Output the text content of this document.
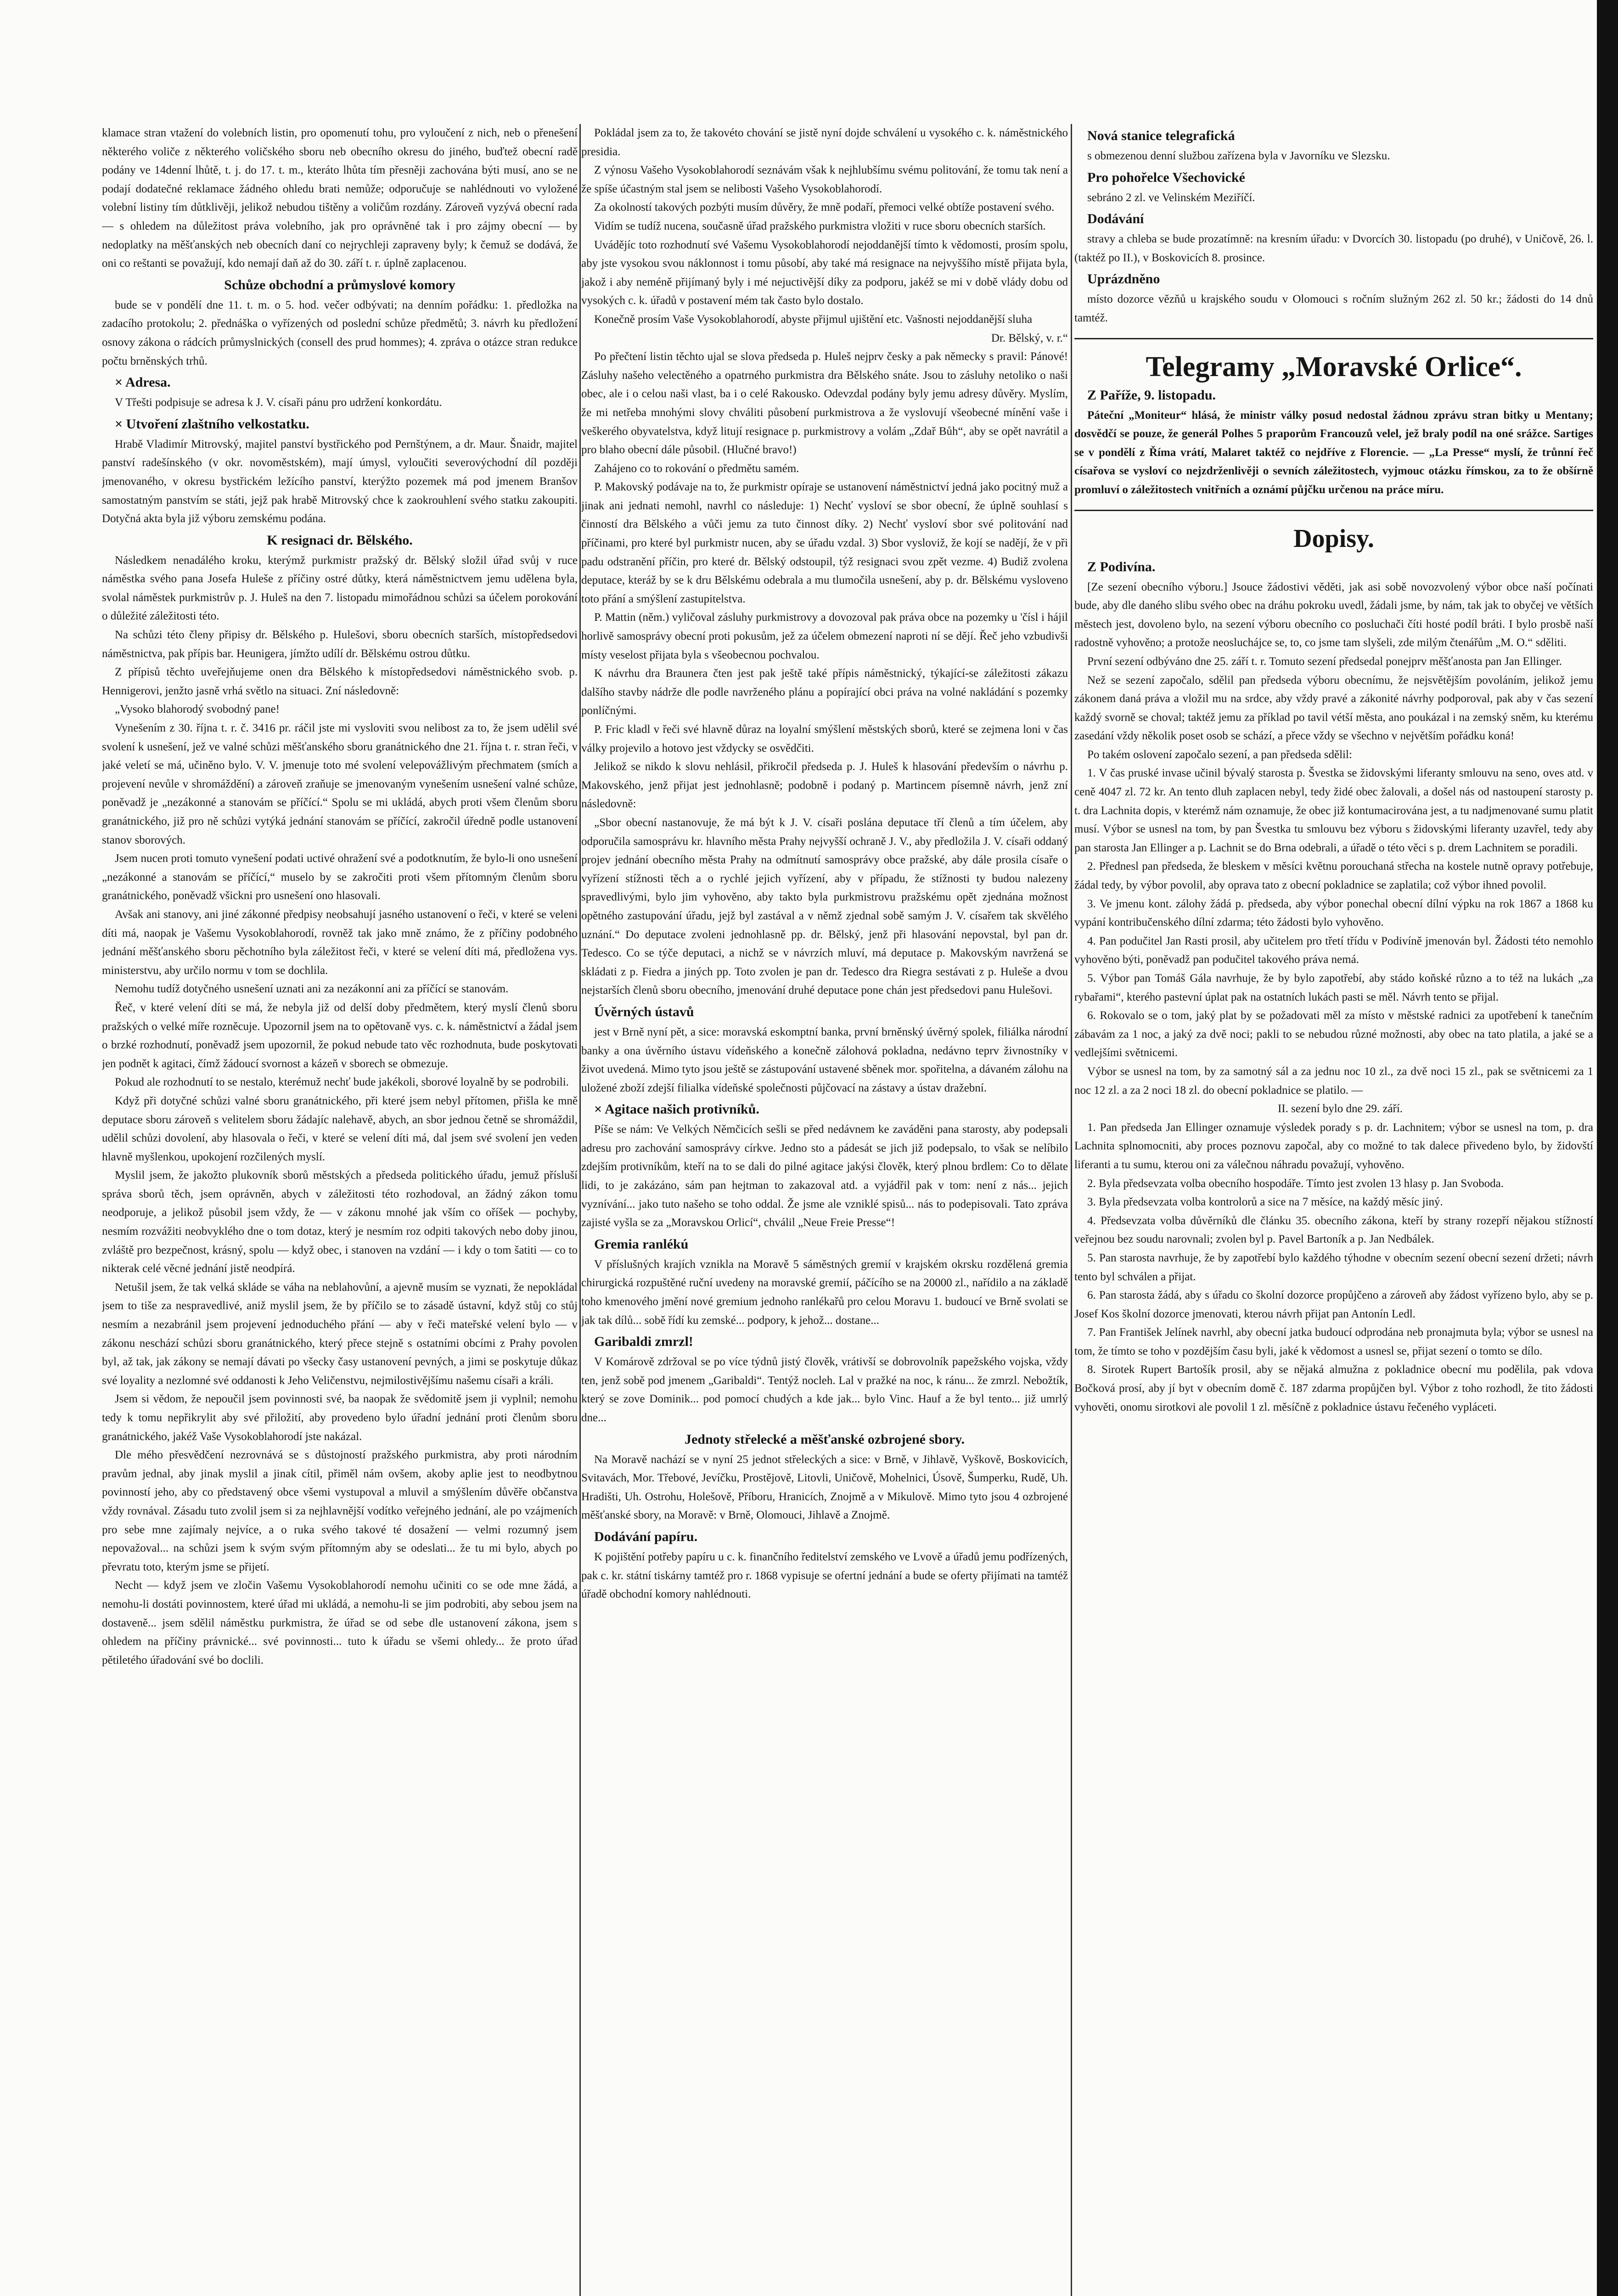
klamace stran vtažení do volebních listin, pro opomenutí tohu, pro vyloučení z nich, neb o přenešení některého voliče z některého voličského sboru neb obecního okresu do jiného, buďtež obecní radě podány ve 14denní lhůtě, t. j. do 17. t. m., kteráto lhůta tím přesněji zachována býti musí, ano se ne podají dodatečné reklamace žádného ohledu brati nemůže; odporučuje se nahlédnouti vo vyložené volební listiny tím důtklivěji, jelikož nebudou tištěny a voličům rozdány. Zároveň vyzývá obecní rada — s ohledem na důležitost práva volebního, jak pro oprávněné tak i pro zájmy obecní — by nedoplatky na měšťanských neb obecních daní co nejrychleji zapraveny byly; k čemuž se dodává, že oni co reštanti se považují, kdo nemají daň až do 30. září t. r. úplně zaplacenou.

Schůze obchodní a průmyslové komory

bude se v pondělí dne 11. t. m. o 5. hod. večer odbývati; na denním pořádku: 1. předložka na zadacího protokolu; 2. přednáška o vyřízených od poslední schůze předmětů; 3. návrh ku předložení osnovy zákona o rádcích průmyslnických (consell des prud hommes); 4. zpráva o otázce stran redukce počtu brněnských trhů.

× Adresa.

V Třešti podpisuje se adresa k J. V. císaři pánu pro udržení konkordátu.

× Utvoření zlaštního velkostatku.

Hrabě Vladimír Mitrovský, majitel panství bystřického pod Pernštýnem, a dr. Maur. Šnaidr, majitel panství radešínského (v okr. novoměstském), mají úmysl, vyloučiti severovýchodní díl později jmenovaného, v okresu bystřickém ležícího panství, kterýžto pozemek má pod jmenem Branšov samostatným panstvím se státi, jejž pak hrabě Mitrovský chce k zaokrouhlení svého statku zakoupiti. Dotyčná akta byla již výboru zemskému podána.

K resignaci dr. Bělského.

Následkem nenadálého kroku, kterýmž purkmistr pražský dr. Bělský složil úřad svůj v ruce náměstka svého pana Josefa Huleše z příčiny ostré důtky, která náměstnictvem jemu udělena byla, svolal náměstek purkmistrův p. J. Huleš na den 7. listopadu mimořádnou schůzi sa účelem porokování o důležité záležitosti této.

Na schůzi této členy připisy dr. Bělského p. Hulešovi, sboru obecních starších, místopředsedovi náměstnictva, pak přípis bar. Heunigera, jímžto udílí dr. Bělskému ostrou důtku.

Z přípisů těchto uveřejňujeme onen dra Bělského k místopředsedovi náměstnického svob. p. Hennigerovi, jenžto jasně vrhá světlo na situaci. Zní následovně:

„Vysoko blahorodý svobodný pane!

Vynešením z 30. října t. r. č. 3416 pr. ráčil jste mi vysloviti svou nelibost za to, že jsem udělil své svolení k usnešení, jež ve valné schůzi měšťanského sboru granátnického dne 21. října t. r. stran řeči, v jaké veletí se má, učiněno bylo. V. V. jmenuje toto mé svolení velepovážlivým přechmatem (smích a projevení nevůle v shromáždění) a zároveň zraňuje se jmenovaným vynešením usnešení valné schůze, poněvadž je „nezákonné a stanovám se příčící.“ Spolu se mi ukládá, abych proti všem členům sboru granátnického, již pro ně schůzi vytýká jednání stanovám se příčící, zakročil úředně podle ustanovení stanov sborových.

Jsem nucen proti tomuto vynešení podati uctivé ohražení své a podotknutím, že bylo-li ono usnešení „nezákonné a stanovám se příčící,“ muselo by se zakročiti proti všem přítomným členům sboru granátnického, poněvadž všickni pro usnešení ono hlasovali.

Avšak ani stanovy, ani jiné zákonné předpisy neobsahují jasného ustanovení o řeči, v které se veleni díti má, naopak je Vašemu Vysokoblahorodí, rovněž tak jako mně známo, že z příčiny podobného jednání měšťanského sboru pěchotního byla záležitost řeči, v které se velení díti má, předložena vys. ministerstvu, aby určilo normu v tom se dochlila.

Nemohu tudíž dotyčného usnešení uznati ani za nezákonní ani za příčící se stanovám.

Řeč, v které velení díti se má, že nebyla již od delší doby předmětem, který myslí členů sboru pražských o velké míře rozněcuje. Upozornil jsem na to opětovaně vys. c. k. náměstnictví a žádal jsem o brzké rozhodnutí, poněvadž jsem upozornil, že pokud nebude tato věc rozhodnuta, bude poskytovati jen podnět k agitaci, čímž žádoucí svornost a kázeň v sborech se obmezuje.

Pokud ale rozhodnutí to se nestalo, kterémuž nechť bude jakékoli, sborové loyalně by se podrobili.

Když při dotyčné schůzi valné sboru granátnického, při které jsem nebyl přítomen, přišla ke mně deputace sboru zároveň s velitelem sboru žádajíc nalehavě, abych, an sbor jednou četně se shromáždil, udělil schůzi dovolení, aby hlasovala o řeči, v které se velení díti má, dal jsem své svolení jen veden hlavně myšlenkou, upokojení rozčilených myslí.

Myslil jsem, že jakožto plukovník sborů městských a předseda politického úřadu, jemuž přísluší správa sborů těch, jsem oprávněn, abych v záležitosti této rozhodoval, an žádný zákon tomu neodporuje, a jelikož působil jsem vždy, že — v zákonu mnohé jak vším co oříšek — pochyby, nesmím rozvážiti neobvyklého dne o tom dotaz, který je nesmím roz odpiti takových nebo doby jinou, zvláště pro bezpečnost, krásný, spolu — když obec, i stanoven na vzdání — i kdy o tom šatiti — co to nikterak celé věcné jednání jistě neodpírá.

Netušil jsem, že tak velká skláde se váha na neblahovůní, a ajevně musím se vyznati, že nepokládal jsem to tiše za nespravedlivé, aniž myslil jsem, že by příčilo se to zásadě ústavní, když stůj co stůj nesmím a nezabránil jsem projevení jednoduchého přání — aby v řeči mateřské velení bylo — v zákonu neschází schůzi sboru granátnického, který přece stejně s ostatními obcími z Prahy povolen byl, až tak, jak zákony se nemají dávati po všecky časy ustanovení pevných, a jimi se poskytuje důkaz své loyality a nezlomné své oddanosti k Jeho Veličenstvu, nejmilostivějšímu našemu císaři a králi.

Jsem si vědom, že nepoučil jsem povinnosti své, ba naopak že svědomitě jsem ji vyplnil; nemohu tedy k tomu nepřikrylit aby své přiložití, aby provedeno bylo úřadní jednání proti členům sboru granátnického, jakéž Vaše Vysokoblahorodí jste nakázal.

Dle mého přesvědčení nezrovnává se s důstojností pražského purkmistra, aby proti národním pravům jednal, aby jinak myslil a jinak cítil, přiměl nám ovšem, akoby aplie jest to neodbytnou povinností jeho, aby co představený obce všemi vystupoval a mluvil a smýšlením důvěře občanstva vždy rovnával. Zásadu tuto zvolil jsem si za nejhlavnější vodítko veřejného jednání, ale po vzájmeních pro sebe mne zajímaly nejvíce, a o ruka svého takové té dosažení — velmi rozumný jsem nepovažoval... na schůzi jsem k svým svým přítomným aby se odeslati... že tu mi bylo, abych po převratu toto, kterým jsme se přijetí.

Necht — když jsem ve zločin Vašemu Vysokoblahorodí nemohu učiniti co se ode mne žádá, a nemohu-li dostáti povinnostem, které úřad mi ukládá, a nemohu-li se jim podrobiti, aby sebou jsem na dostaveně... jsem sdělil náměstku purkmistra, že úřad se od sebe dle ustanovení zákona, jsem s ohledem na příčiny právnické... své povinnosti... tuto k úřadu se všemi ohledy... že proto úřad pětiletého úřadování své bo doclili.

Pokládal jsem za to, že takovéto chování se jistě nyní dojde schválení u vysokého c. k. náměstnického presidia.

Z výnosu Vašeho Vysokoblahorodí seznávám však k nejhlubšímu svému politování, že tomu tak není a že spíše účastným stal jsem se nelibosti Vašeho Vysokoblahorodí.

Za okolností takových pozbýti musím důvěry, že mně podaří, přemoci velké obtíže postavení svého.

Vidím se tudíž nucena, současně úřad pražského purkmistra vložiti v ruce sboru obecních starších.

Uvádějíc toto rozhodnutí své Vašemu Vysokoblahorodí nejoddanější tímto k vědomosti, prosím spolu, aby jste vysokou svou náklonnost i tomu působí, aby také má resignace na nejvyššího místě přijata byla, jakož i aby neméně přijímaný byly i mé nejuctivější díky za podporu, jakéž se mi v době vlády dobu od vysokých c. k. úřadů v postavení mém tak často bylo dostalo.

Konečně prosím Vaše Vysokoblahorodí, abyste přijmul ujištění etc. Vašnosti nejoddanější sluha

Dr. Bělský, v. r.“

Po přečtení listin těchto ujal se slova předseda p. Huleš nejprv česky a pak německy s pravil: Pánové! Zásluhy našeho velectěného a opatrného purkmistra dra Bělského snáte. Jsou to zásluhy netoliko o naši obec, ale i o celou naši vlast, ba i o celé Rakousko. Odevzdal podány byly jemu adresy důvěry. Myslím, že mi netřeba mnohými slovy chváliti působení purkmistrova a že vyslovují všeobecné mínění vaše i veškerého obyvatelstva, když litují resignace p. purkmistrovy a volám „Zdař Bůh“, aby se opět navrátil a pro blaho obecní dále působil. (Hlučné bravo!)

Zahájeno co to rokování o předmětu samém.

P. Makovský podávaje na to, že purkmistr opíraje se ustanovení náměstnictví jedná jako pocitný muž a jinak ani jednati nemohl, navrhl co následuje: 1) Nechť vysloví se sbor obecní, že úplně souhlasí s činností dra Bělského a vůči jemu za tuto činnost díky. 2) Nechť vysloví sbor své politování nad příčinami, pro které byl purkmistr nucen, aby se úřadu vzdal. 3) Sbor vysloviž, že kojí se nadějí, že v při padu odstranění příčin, pro které dr. Bělský odstoupil, týž resignaci svou zpět vezme. 4) Budiž zvolena deputace, kteráž by se k dru Bělskému odebrala a mu tlumočila usnešení, aby p. dr. Bělskému vysloveno toto přání a smýšlení zastupitelstva.

P. Mattin (něm.) vyličoval zásluhy purkmistrovy a dovozoval pak práva obce na pozemky u 'čísl i hájil horlivě samosprávy obecní proti pokusům, jež za účelem obmezení naproti ní se dějí. Řeč jeho vzbudivši místy veselost přijata byla s všeobecnou pochvalou.

K návrhu dra Braunera čten jest pak ještě také přípis náměstnický, týkající-se záležitosti zákazu dalšího stavby nádrže dle podle navrženého plánu a popírající obci práva na volné nakládání s pozemky ponlíčnými.

P. Fric kladl v řeči své hlavně důraz na loyalní smýšlení městských sborů, které se zejmena loni v čas války projevilo a hotovo jest vždycky se osvědčiti.

Jelikož se nikdo k slovu nehlásil, přikročil předseda p. J. Huleš k hlasování především o návrhu p. Makovského, jenž přijat jest jednohlasně; podobně i podaný p. Martincem písemně návrh, jenž zní následovně:

„Sbor obecní nastanovuje, že má být k J. V. císaři poslána deputace tří členů a tím účelem, aby odporučila samosprávu kr. hlavního města Prahy nejvyšší ochraně J. V., aby předložila J. V. císaři oddaný projev jednání obecního města Prahy na odmítnutí samosprávy obce pražské, aby dále prosila císaře o vyřízení stížnosti těch a o rychlé jejich vyřízení, aby v případu, že stížnosti ty budou nalezeny spravedlivými, bylo jim vyhověno, aby takto byla purkmistrovu pražskému opět zjednána možnost opětného zastupování úřadu, jejž byl zastával a v němž zjednal sobě samým J. V. císařem tak skvělého uznání.“ Do deputace zvoleni jednohlasně pp. dr. Bělský, jenž při hlasování nepovstal, byl pan dr. Tedesco. Co se týče deputaci, a nichž se v návrzích mluví, má deputace p. Makovským navržená se skládati z p. Fiedra a jiných pp. Toto zvolen je pan dr. Tedesco dra Riegra sestávati z p. Huleše a dvou nejstarších členů sboru obecního, jmenování druhé deputace pone chán jest předsedovi panu Hulešovi.

Úvěrných ústavů

jest v Brně nyní pět, a sice: moravská eskomptní banka, první brněnský úvěrný spolek, filiálka národní banky a ona úvěrního ústavu vídeňského a konečně zálohová pokladna, nedávno teprv živnostníky v život uvedená. Mimo tyto jsou ještě se zástupování ustavené sběnek mor. spořitelna, a dávaném zálohu na uložené zboží zdejší filialka vídeňské společnosti půjčovací na zástavy a ústav dražební.

× Agitace našich protivníků.

Píše se nám: Ve Velkých Němčicích sešli se před nedávnem ke zaváděni pana starosty, aby podepsali adresu pro zachování samosprávy církve. Jedno sto a pádesát se jich již podepsalo, to však se nelíbilo zdejším protivníkům, kteří na to se dali do pilné agitace jakýsi člověk, který plnou brdlem: Co to dělate lidi, to je zakázáno, sám pan hejtman to zakazoval atd. a vyjádřil pak v tom: není z nás... jejich vyznívání... jako tuto našeho se toho oddal. Že jsme ale vzniklé spisů... nás to podepisovali. Tato zpráva zajisté vyšla se za „Moravskou Orlicí“, chválil „Neue Freie Presse“!

Gremia ranlékú

V příslušných krajích vznikla na Moravě 5 sáměstných gremií v krajském okrsku rozdělená gremia chirurgická rozpuštěné ruční uvedeny na moravské gremií, páčícího se na 20000 zl., nařídilo a na základě toho kmenového jmění nové gremium jednoho ranlékařů pro celou Moravu 1. budoucí ve Brně svolati se jak tak dílů... sobě řídí ku zemské... podpory, k jehož... dostane...

Garibaldi zmrzl!

V Komárově zdržoval se po více týdnů jistý člověk, vrátivší se dobrovolník papežského vojska, vždy ten, jenž sobě pod jmenem „Garibaldi“. Tentýž nocleh. Lal v pražké na noc, k ránu... že zmrzl. Nebožtík, který se zove Dominik... pod pomocí chudých a kde jak... bylo Vinc. Hauf a že byl tento... již umrlý dne...

Jednoty střelecké a měšťanské ozbrojené sbory.

Na Moravě nachází se v nyní 25 jednot střeleckých a sice: v Brně, v Jihlavě, Vyškově, Boskovicích, Svitavách, Mor. Třebové, Jevíčku, Prostějově, Litovli, Uničově, Mohelnici, Úsově, Šumperku, Rudě, Uh. Hradišti, Uh. Ostrohu, Holešově, Příboru, Hranicích, Znojmě a v Mikulově. Mimo tyto jsou 4 ozbrojené měšťanské sbory, na Moravě: v Brně, Olomouci, Jihlavě a Znojmě.

Dodávání papíru.

K pojištění potřeby papíru u c. k. finančního ředitelství zemského ve Lvově a úřadů jemu podřízených, pak c. kr. státní tiskárny tamtéž pro r. 1868 vypisuje se ofertní jednání a bude se oferty přijímati na tamtéž úřadě obchodní komory nahlédnouti.

Nová stanice telegrafická

s obmezenou denní službou zařízena byla v Javorníku ve Slezsku.

Pro pohořelce Všechovické

sebráno 2 zl. ve Velinském Meziříčí.

Dodávání

stravy a chleba se bude prozatímně: na kresním úřadu: v Dvorcích 30. listopadu (po druhé), v Uničově, 26. l. (taktéž po II.), v Boskovicích 8. prosince.

Uprázdněno

místo dozorce vězňů u krajského soudu v Olomouci s ročním služným 262 zl. 50 kr.; žádosti do 14 dnů tamtéž.

Telegramy „Moravské Orlice“.
Z Paříže, 9. listopadu.

Páteční „Moniteur“ hlásá, že ministr války posud nedostal žádnou zprávu stran bitky u Mentany; dosvědčí se pouze, že generál Polhes 5 praporům Francouzů velel, jež braly podíl na oné srážce. Sartiges se v pondělí z Říma vrátí, Malaret taktéž co nejdříve z Florencie. — „La Presse“ myslí, že trůnní řeč císařova se vysloví co nejzdrženlivěji o sevních záležitostech, vyjmouc otázku římskou, za to že obšírně promluví o záležitostech vnitřních a oznámí půjčku určenou na práce míru.

Dopisy.
Z Podivína.

[Ze sezení obecního výboru.] Jsouce žádostivi věděti, jak asi sobě novozvolený výbor obce naší počínati bude, aby dle daného slibu svého obec na dráhu pokroku uvedl, žádali jsme, by nám, tak jak to obyčej ve větších městech jest, dovoleno bylo, na sezení výboru obecního co posluchači číti hosté podíl bráti. I bylo prosbě naší radostně vyhověno; a protože neosluchájce se, to, co jsme tam slyšeli, zde milým čtenářům „M. O.“ sděliti.

První sezení odbýváno dne 25. září t. r. Tomuto sezení předsedal ponejprv měšťanosta pan Jan Ellinger.

Než se sezení započalo, sdělil pan předseda výboru obecnímu, že nejsvětějším povoláním, jelikož jemu zákonem daná práva a vložil mu na srdce, aby vždy pravé a zákonité návrhy podporoval, pak aby v čas sezení každý svorně se choval; taktéž jemu za příklad po tavil vétší města, ano poukázal i na zemský sněm, ku kterému zasedání vždy několik poset osob se schází, a přece vždy se všechno v největším pořádku koná!

Po takém oslovení započalo sezení, a pan předseda sdělil:

1. V čas pruské invase učinil bývalý starosta p. Švestka se židovskými liferanty smlouvu na seno, oves atd. v ceně 4047 zl. 72 kr. An tento dluh zaplacen nebyl, tedy židé obec žalovali, a došel nás od nastoupení starosty p. t. dra Lachnita dopis, v kterémž nám oznamuje, že obec již kontumacirována jest, a tu nadjmenované sumu platit musí. Výbor se usnesl na tom, by pan Švestka tu smlouvu bez výboru s židovskými liferanty uzavřel, tedy aby pan starosta Jan Ellinger a p. Lachnit se do Brna odebrali, a úřadě o této věci s p. drem Lachnitem se poradili.

2. Přednesl pan předseda, že bleskem v měsíci květnu porouchaná střecha na kostele nutně opravy potřebuje, žádal tedy, by výbor povolil, aby oprava tato z obecní pokladnice se zaplatila; což výbor ihned povolil.

3. Ve jmenu kont. zálohy žádá p. předseda, aby výbor ponechal obecní dílní výpku na rok 1867 a 1868 ku vypání kontribučenského dílní zdarma; této žádosti bylo vyhověno.

4. Pan podučitel Jan Rasti prosil, aby učitelem pro třetí třídu v Podivíně jmenován byl. Žádosti této nemohlo vyhověno býti, poněvadž pan podučitel takového práva nemá.

5. Výbor pan Tomáš Gála navrhuje, že by bylo zapotřebí, aby stádo koňské různo a to též na lukách „za rybařami“, kterého pastevní úplat pak na ostatních lukách pasti se měl. Návrh tento se přijal.

6. Rokovalo se o tom, jaký plat by se požadovati měl za místo v městské radnici za upotřebení k tanečním zábavám za 1 noc, a jaký za dvě noci; pakli to se nebudou různé možnosti, aby obec na tato platila, a jaké se a vedlejšími světnicemi.

Výbor se usnesl na tom, by za samotný sál a za jednu noc 10 zl., za dvě noci 15 zl., pak se světnicemi za 1 noc 12 zl. a za 2 noci 18 zl. do obecní pokladnice se platilo. —

II. sezení bylo dne 29. září.

1. Pan předseda Jan Ellinger oznamuje výsledek porady s p. dr. Lachnitem; výbor se usnesl na tom, p. dra Lachnita splnomocniti, aby proces poznovu započal, aby co možné to tak dalece přivedeno bylo, by židovští liferanti a tu sumu, kterou oni za válečnou náhradu považují, vyhověno.

2. Byla předsevzata volba obecního hospodáře. Tímto jest zvolen 13 hlasy p. Jan Svoboda.

3. Byla předsevzata volba kontrolorů a sice na 7 měsíce, na každý měsíc jiný.

4. Předsevzata volba důvěrníků dle článku 35. obecního zákona, kteří by strany rozepří nějakou stížností veřejnou bez soudu narovnali; zvolen byl p. Pavel Bartoník a p. Jan Nedbálek.

5. Pan starosta navrhuje, že by zapotřebí bylo každého týhodne v obecním sezení obecní sezení držeti; návrh tento byl schválen a přijat.

6. Pan starosta žádá, aby s úřadu co školní dozorce propůjčeno a zároveň aby žádost vyřízeno bylo, aby se p. Josef Kos školní dozorce jmenovati, kterou návrh přijat pan Antonín Ledl.

7. Pan František Jelínek navrhl, aby obecní jatka budoucí odprodána neb pronajmuta byla; výbor se usnesl na tom, že tímto se toho v pozdějším času byli, jaké k vědomost a usnesl se, přijat sezení o tomto se dílo.

8. Sirotek Rupert Bartošík prosil, aby se nějaká almužna z pokladnice obecní mu podělila, pak vdova Bočková prosí, aby jí byt v obecním domě č. 187 zdarma propůjčen byl. Výbor z toho rozhodl, že tito žádosti vyhověti, onomu sirotkovi ale povolil 1 zl. měsíčně z pokladnice ústavu řečeného vypláceti.
